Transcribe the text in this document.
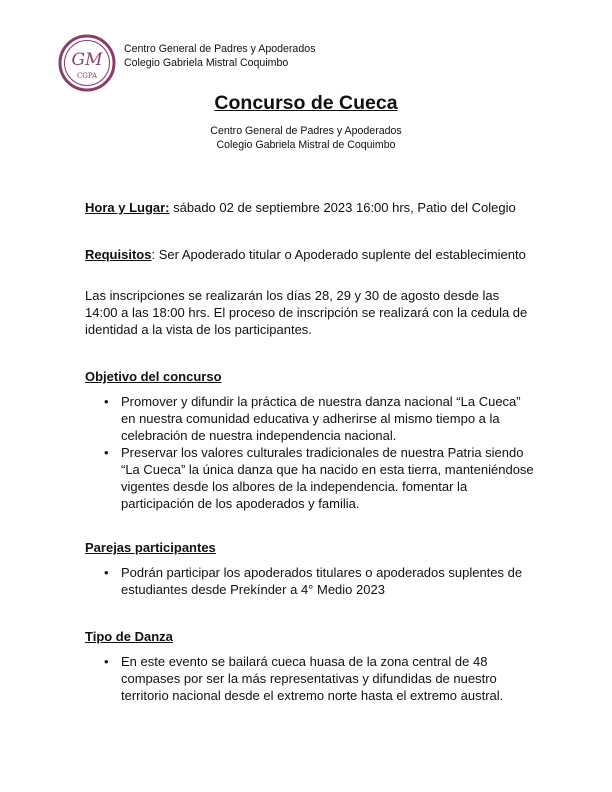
GM
CGPA
Centro General de Padres y Apoderados
Colegio Gabriela Mistral Coquimbo
Concurso de Cueca
Centro General de Padres y Apoderados
Colegio Gabriela Mistral de Coquimbo

Hora y Lugar: sábado 02 de septiembre 2023 16:00 hrs, Patio del Colegio

Requisitos: Ser Apoderado titular o Apoderado suplente del establecimiento

Las inscripciones se realizarán los días 28, 29 y 30 de agosto desde las 14:00 a las 18:00 hrs. El proceso de inscripción se realizará con la cedula de identidad a la vista de los participantes.

Objetivo del concurso

• Promover y difundir la práctica de nuestra danza nacional “La Cueca” en nuestra comunidad educativa y adherirse al mismo tiempo a la celebración de nuestra independencia nacional.
• Preservar los valores culturales tradicionales de nuestra Patria siendo “La Cueca” la única danza que ha nacido en esta tierra, manteniéndose vigentes desde los albores de la independencia. fomentar la participación de los apoderados y familia.

Parejas participantes

• Podrán participar los apoderados titulares o apoderados suplentes de estudiantes desde Prekínder a 4° Medio 2023

Tipo de Danza

• En este evento se bailará cueca huasa de la zona central de 48 compases por ser la más representativas y difundidas de nuestro territorio nacional desde el extremo norte hasta el extremo austral.
